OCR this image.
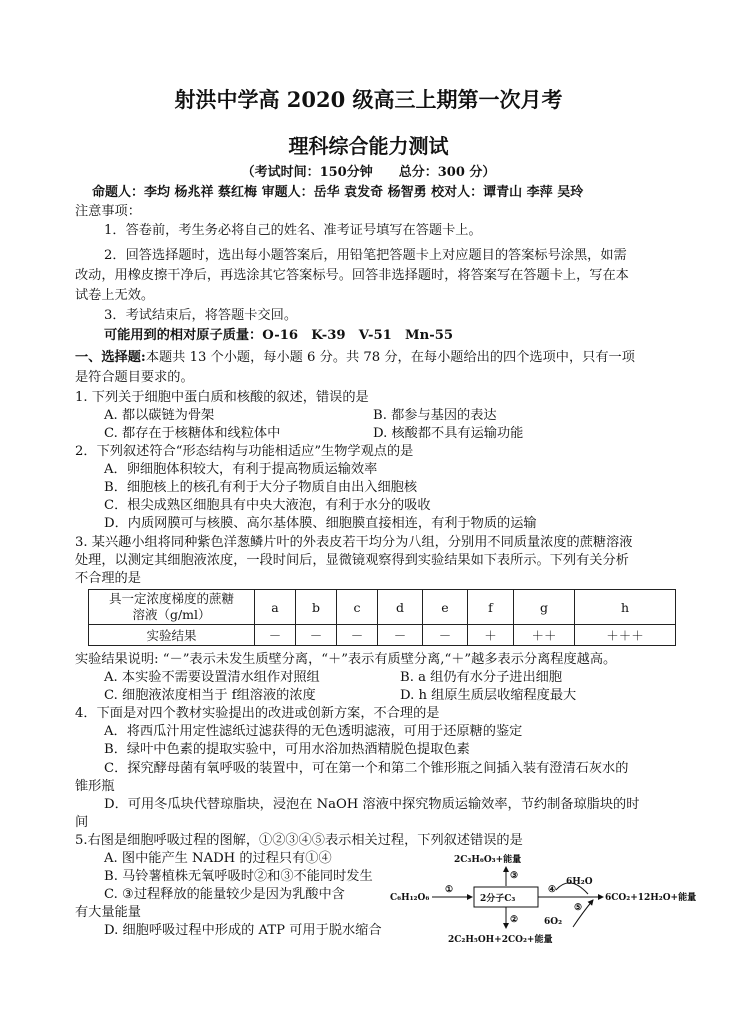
射洪中学高 2020 级高三上期第一次月考
理科综合能力测试
（考试时间：150分钟　　总分：300 分）
命题人：李均 杨兆祥 蔡红梅 审题人：岳华 袁发奇 杨智勇 校对人：谭青山 李萍 吴玲
注意事项：
1．答卷前，考生务必将自己的姓名、准考证号填写在答题卡上。
2．回答选择题时，选出每小题答案后，用铅笔把答题卡上对应题目的答案标号涂黑，如需
改动，用橡皮擦干净后，再选涂其它答案标号。回答非选择题时，将答案写在答题卡上，写在本
试卷上无效。
3．考试结束后，将答题卡交回。
可能用到的相对原子质量：O-16　K-39　V-51　Mn-55
一、选择题:本题共 13 个小题，每小题 6 分。共 78 分，在每小题给出的四个选项中，只有一项
是符合题目要求的。
1. 下列关于细胞中蛋白质和核酸的叙述，错误的是
A. 都以碳链为骨架	B. 都参与基因的表达
C. 都存在于核糖体和线粒体中	D. 核酸都不具有运输功能
2．下列叙述符合“形态结构与功能相适应”生物学观点的是
A．卵细胞体积较大，有利于提高物质运输效率
B．细胞核上的核孔有利于大分子物质自由出入细胞核
C．根尖成熟区细胞具有中央大液泡，有利于水分的吸收
D．内质网膜可与核膜、高尔基体膜、细胞膜直接相连，有利于物质的运输
3. 某兴趣小组将同种紫色洋葱鳞片叶的外表皮若干均分为八组，分别用不同质量浓度的蔗糖溶液
处理，以测定其细胞液浓度，一段时间后，显微镜观察得到实验结果如下表所示。下列有关分析
不合理的是
具一定浓度梯度的蔗糖
溶液（g/ml）	a	b	c	d	e	f	g	h
实验结果	－	－	－	－	－	＋	＋＋	＋＋＋
实验结果说明: “－”表示未发生质壁分离，“＋”表示有质壁分离,“＋”越多表示分离程度越高。
A. 本实验不需要设置清水组作对照组	B. a 组仍有水分子进出细胞
C. 细胞液浓度相当于 f组溶液的浓度	D. h 组原生质层收缩程度最大
4．下面是对四个教材实验提出的改进或创新方案，不合理的是
A．将西瓜汁用定性滤纸过滤获得的无色透明滤液，可用于还原糖的鉴定
B．绿叶中色素的提取实验中，可用水浴加热酒精脱色提取色素
C．探究酵母菌有氧呼吸的装置中，可在第一个和第二个锥形瓶之间插入装有澄清石灰水的
锥形瓶
D．可用冬瓜块代替琼脂块，浸泡在 NaOH 溶液中探究物质运输效率，节约制备琼脂块的时
间
5.右图是细胞呼吸过程的图解，①②③④⑤表示相关过程，下列叙述错误的是
A. 图中能产生 NADH 的过程只有①④
B. 马铃薯植株无氧呼吸时②和③不能同时发生
C. ③过程释放的能量较少是因为乳酸中含
有大量能量
D. 细胞呼吸过程中形成的 ATP 可用于脱水缩合
2C₃H₆O₃+能量
③
C₆H₁₂O₆
①
2分子C₃
②
2C₂H₅OH+2CO₂+能量
④
6H₂O
⑤
6O₂
6CO₂+12H₂O+能量
